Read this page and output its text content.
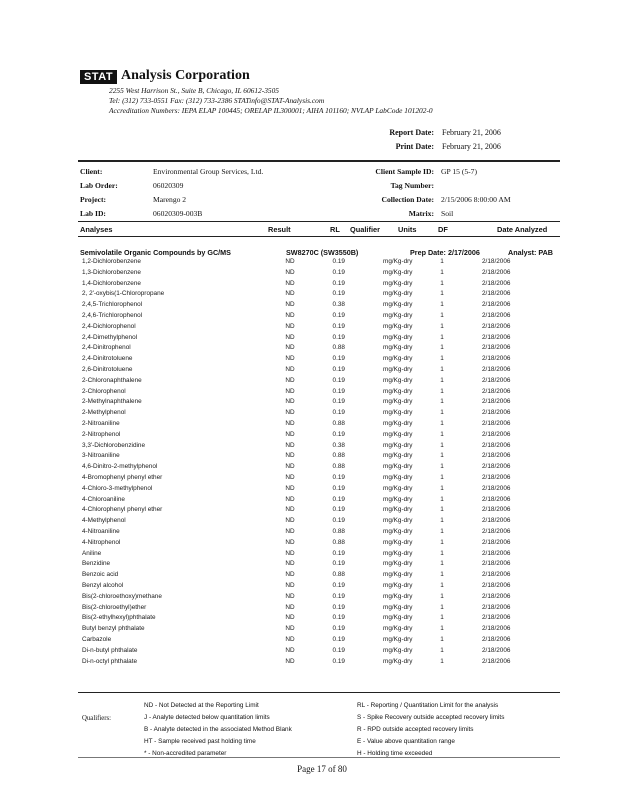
STAT Analysis Corporation
2255 West Harrison St., Suite B, Chicago, IL 60612-3505
Tel: (312) 733-0551 Fax: (312) 733-2386 STATinfo@STAT-Analysis.com
Accreditation Numbers: IEPA ELAP 100445; ORELAP IL300001; AIHA 101160; NVLAP LabCode 101202-0
Report Date: February 21, 2006
Print Date: February 21, 2006
Client:	Environmental Group Services, Ltd.
Lab Order:	06020309
Project:	Marengo 2
Lab ID:	06020309-003B
Client Sample ID: GP 15 (5-7)
Tag Number:
Collection Date: 2/15/2006 8:00:00 AM
Matrix: Soil
Analyses	Result	RL Qualifier Units	DF	Date Analyzed
Semivolatile Organic Compounds by GC/MS	SW8270C (SW3550B)	Prep Date: 2/17/2006	Analyst: PAB
1,2-Dichlorobenzene	ND	0.19	mg/Kg-dry	1	2/18/2006
1,3-Dichlorobenzene	ND	0.19	mg/Kg-dry	1	2/18/2006
1,4-Dichlorobenzene	ND	0.19	mg/Kg-dry	1	2/18/2006
2, 2'-oxybis(1-Chloropropane	ND	0.19	mg/Kg-dry	1	2/18/2006
2,4,5-Trichlorophenol	ND	0.38	mg/Kg-dry	1	2/18/2006
2,4,6-Trichlorophenol	ND	0.19	mg/Kg-dry	1	2/18/2006
2,4-Dichlorophenol	ND	0.19	mg/Kg-dry	1	2/18/2006
2,4-Dimethylphenol	ND	0.19	mg/Kg-dry	1	2/18/2006
2,4-Dinitrophenol	ND	0.88	mg/Kg-dry	1	2/18/2006
2,4-Dinitrotoluene	ND	0.19	mg/Kg-dry	1	2/18/2006
2,6-Dinitrotoluene	ND	0.19	mg/Kg-dry	1	2/18/2006
2-Chloronaphthalene	ND	0.19	mg/Kg-dry	1	2/18/2006
2-Chlorophenol	ND	0.19	mg/Kg-dry	1	2/18/2006
2-Methylnaphthalene	ND	0.19	mg/Kg-dry	1	2/18/2006
2-Methylphenol	ND	0.19	mg/Kg-dry	1	2/18/2006
2-Nitroaniline	ND	0.88	mg/Kg-dry	1	2/18/2006
2-Nitrophenol	ND	0.19	mg/Kg-dry	1	2/18/2006
3,3'-Dichlorobenzidine	ND	0.38	mg/Kg-dry	1	2/18/2006
3-Nitroaniline	ND	0.88	mg/Kg-dry	1	2/18/2006
4,6-Dinitro-2-methylphenol	ND	0.88	mg/Kg-dry	1	2/18/2006
4-Bromophenyl phenyl ether	ND	0.19	mg/Kg-dry	1	2/18/2006
4-Chloro-3-methylphenol	ND	0.19	mg/Kg-dry	1	2/18/2006
4-Chloroaniline	ND	0.19	mg/Kg-dry	1	2/18/2006
4-Chlorophenyl phenyl ether	ND	0.19	mg/Kg-dry	1	2/18/2006
4-Methylphenol	ND	0.19	mg/Kg-dry	1	2/18/2006
4-Nitroaniline	ND	0.88	mg/Kg-dry	1	2/18/2006
4-Nitrophenol	ND	0.88	mg/Kg-dry	1	2/18/2006
Aniline	ND	0.19	mg/Kg-dry	1	2/18/2006
Benzidine	ND	0.19	mg/Kg-dry	1	2/18/2006
Benzoic acid	ND	0.88	mg/Kg-dry	1	2/18/2006
Benzyl alcohol	ND	0.19	mg/Kg-dry	1	2/18/2006
Bis(2-chloroethoxy)methane	ND	0.19	mg/Kg-dry	1	2/18/2006
Bis(2-chloroethyl)ether	ND	0.19	mg/Kg-dry	1	2/18/2006
Bis(2-ethylhexyl)phthalate	ND	0.19	mg/Kg-dry	1	2/18/2006
Butyl benzyl phthalate	ND	0.19	mg/Kg-dry	1	2/18/2006
Carbazole	ND	0.19	mg/Kg-dry	1	2/18/2006
Di-n-butyl phthalate	ND	0.19	mg/Kg-dry	1	2/18/2006
Di-n-octyl phthalate	ND	0.19	mg/Kg-dry	1	2/18/2006
Qualifiers:
ND - Not Detected at the Reporting Limit
J - Analyte detected below quantitation limits
B - Analyte detected in the associated Method Blank
HT - Sample received past holding time
* - Non-accredited parameter
RL - Reporting / Quantitation Limit for the analysis
S - Spike Recovery outside accepted recovery limits
R - RPD outside accepted recovery limits
E - Value above quantitation range
H - Holding time exceeded
Page 17 of 80
